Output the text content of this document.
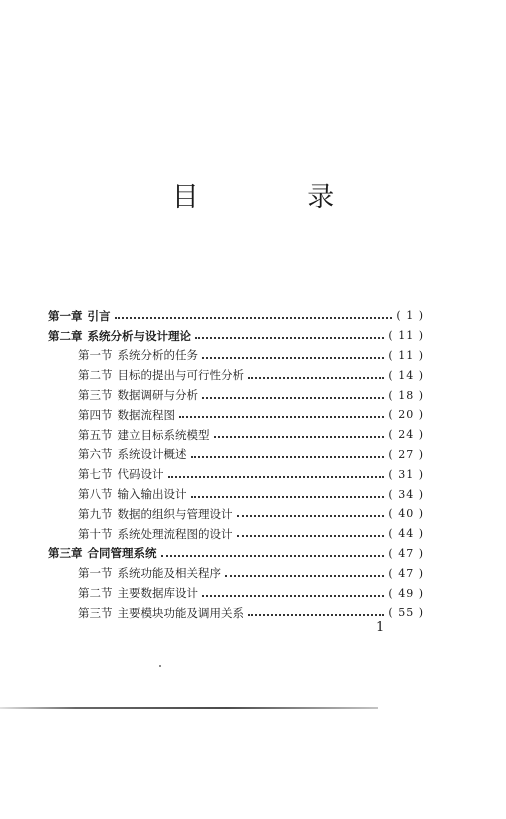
目 录
第一章 引言	( 1 )
第二章 系统分析与设计理论	( 11 )
第一节 系统分析的任务	( 11 )
第二节 目标的提出与可行性分析	( 14 )
第三节 数据调研与分析	( 18 )
第四节 数据流程图	( 20 )
第五节 建立目标系统模型	( 24 )
第六节 系统设计概述	( 27 )
第七节 代码设计	( 31 )
第八节 输入输出设计	( 34 )
第九节 数据的组织与管理设计	( 40 )
第十节 系统处理流程图的设计	( 44 )
第三章 合同管理系统	( 47 )
第一节 系统功能及相关程序	( 47 )
第二节 主要数据库设计	( 49 )
第三节 主要模块功能及调用关系	( 55 )
1
